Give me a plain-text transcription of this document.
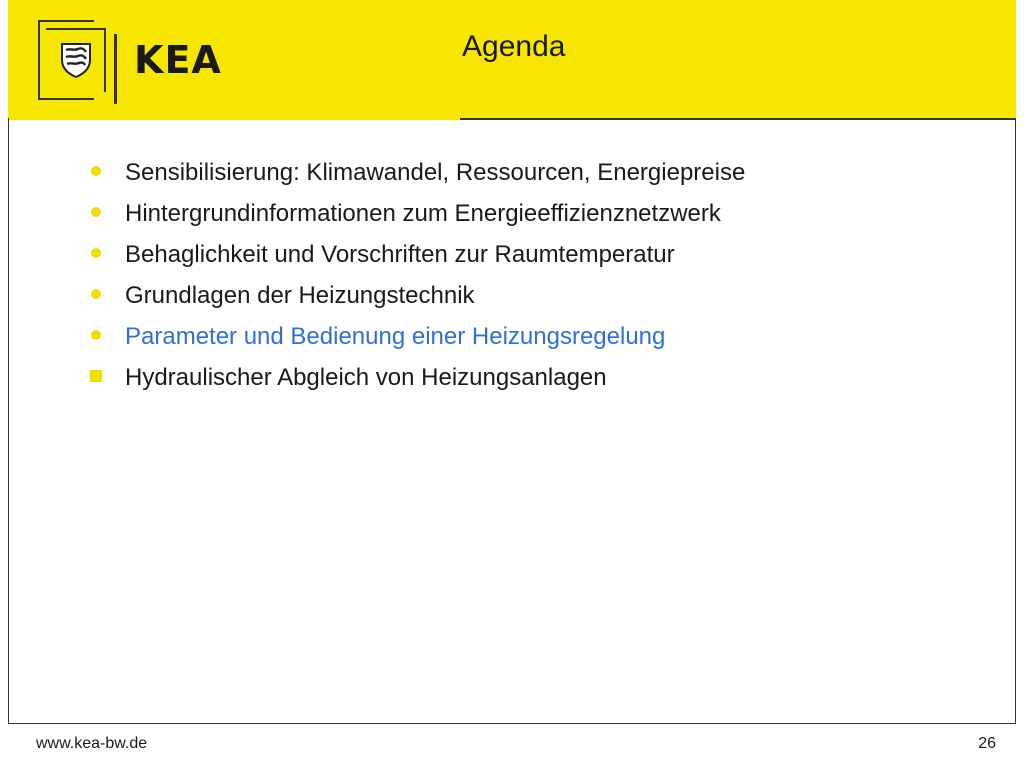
KEA	Agenda
Sensibilisierung: Klimawandel, Ressourcen, Energiepreise
Hintergrundinformationen zum Energieeffizienznetzwerk
Behaglichkeit und Vorschriften zur Raumtemperatur
Grundlagen der Heizungstechnik
Parameter und Bedienung einer Heizungsregelung
Hydraulischer Abgleich von Heizungsanlagen
www.kea-bw.de	26
